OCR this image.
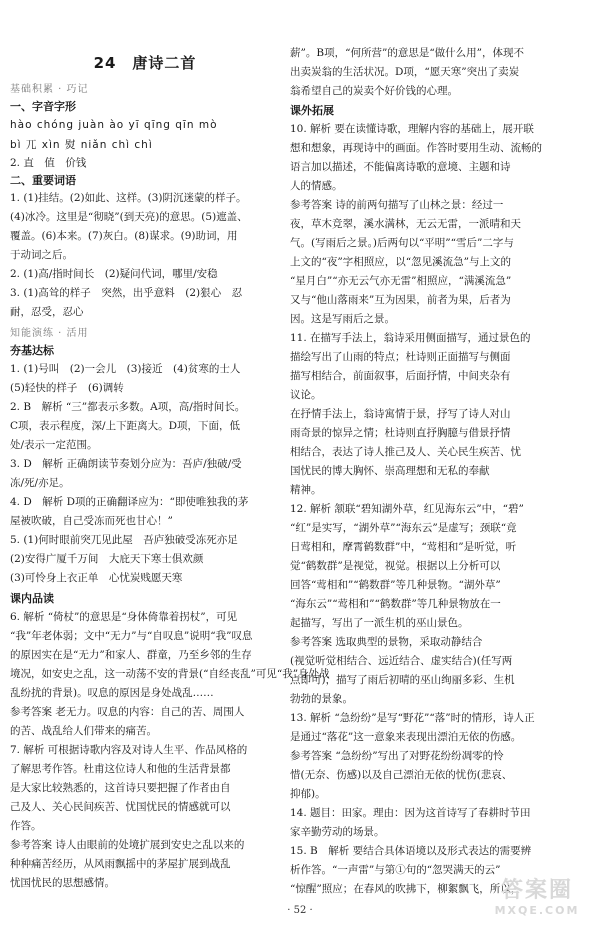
24　唐诗二首
基础积累 · 巧记
一、字音字形
hào chóng juàn ào yī qīng qīn mò
bì 兀 xìn 熨 niǎn chì chì
2. 直　值　价钱
二、重要词语
1. (1)挂结。(2)如此、这样。(3)阴沉迷蒙的样子。
(4)冰冷。这里是“彻晓”(到天亮)的意思。(5)遮盖、
覆盖。(6)本来。(7)灰白。(8)谋求。(9)助词，用
于动词之后。
2. (1)高/指时间长　(2)疑问代词，哪里/安稳
3. (1)高耸的样子　突然，出乎意料　(2)狠心　忍
耐，忍受，忍心
知能演练 · 活用
夯基达标
1. (1)号叫　(2)一会儿　(3)接近　(4)贫寒的士人
(5)轻快的样子　(6)调转
2. B　解析 “三”都表示多数。A项，高/指时间长。
C项，表示程度，深/上下距离大。D项，下面，低
处/表示一定范围。
3. D　解析 正确朗读节奏划分应为：吾庐/独破/受
冻/死/亦足。
4. D　解析 D项的正确翻译应为：“即使唯独我的茅
屋被吹破，自己受冻而死也甘心！”
5. (1)何时眼前突兀见此屋　吾庐独破受冻死亦足
(2)安得广厦千万间　大庇天下寒士俱欢颜
(3)可怜身上衣正单　心忧炭贱愿天寒
课内品读
6. 解析 “倚杖”的意思是“身体倚靠着拐杖”，可见
“我”年老体弱；文中“无力”与“自叹息”说明“我”叹息
的原因实在是“无力”和家人、群童，乃至乡邻的生存
境况，如安史之乱，这一动荡不安的背景(“自经丧乱”可见“我”身处战
乱纷扰的背景)。叹息的原因是身处战乱……
参考答案 老无力。叹息的内容：自己的苦、周围人
的苦、战乱给人们带来的痛苦。
7. 解析 可根据诗歌内容及对诗人生平、作品风格的
了解思考作答。杜甫这位诗人和他的生活背景都
是大家比较熟悉的，这首诗只要把握了作者由自
己及人、关心民间疾苦、忧国忧民的情感就可以
作答。
参考答案 诗人由眼前的处境扩展到安史之乱以来的
种种痛苦经历，从风雨飘摇中的茅屋扩展到战乱
忧国忧民的思想感情。
薪”。B项，“何所营”的意思是“做什么用”，体现不
出卖炭翁的生活状况。D项，“愿天寒”突出了卖炭
翁希望自己的炭卖个好价钱的心理。
课外拓展
10. 解析 要在读懂诗歌，理解内容的基础上，展开联
想和想象，再现诗中的画面。作答时要用生动、流畅的
语言加以描述，不能偏离诗歌的意境、主题和诗
人的情感。
参考答案 诗的前两句描写了山林之景：经过一
夜，草木竞翠，溪水满林，无云无雷，一派晴和天
气。(写雨后之景。)后两句以“平明”“雪后”二字与
上文的“夜”字相照应，以“忽见溪流急”与上文的
“星月白”“亦无云气亦无雷”相照应，“满溪流急”
又与“他山落雨来”互为因果，前者为果，后者为
因。这是写雨后之景。
11. 在描写手法上，翁诗采用侧面描写，通过景色的
描绘写出了山雨的特点；杜诗则正面描写与侧面
描写相结合，前面叙事，后面抒情，中间夹杂有
议论。
在抒情手法上，翁诗寓情于景，抒写了诗人对山
雨奇景的惊异之情；杜诗则直抒胸臆与借景抒情
相结合，表达了诗人推己及人、关心民生疾苦、忧
国忧民的博大胸怀、崇高理想和无私的奉献
精神。
12. 解析 颔联“碧知湖外草，红见海东云”中，“碧”
“红”是实写，“湖外草”“海东云”是虚写；颈联“竟
日莺相和，摩霄鹤数群”中，“莺相和”是听觉，听
觉“鹤数群”是视觉，视觉。根据以上分析可以
回答“莺相和”“鹤数群”等几种景物。“湖外草”
“海东云”“莺相和”“鹤数群”等几种景物放在一
起描写，写出了一派生机的巫山景色。
参考答案 选取典型的景物，采取动静结合
(视觉听觉相结合、远近结合、虚实结合)(任写两
点即可)，描写了雨后初晴的巫山绚丽多彩、生机
勃勃的景象。
13. 解析 “急纷纷”是写“野花”“落”时的情形，诗人正
是通过“落花”这一意象来表现出漂泊无依的伤感。
参考答案 “急纷纷”写出了对野花纷纷凋零的怜
惜(无奈、伤感)以及自己漂泊无依的忧伤(悲哀、
抑郁)。
14. 题目：田家。理由：因为这首诗写了春耕时节田
家辛勤劳动的场景。
15. B　解析 要结合具体语境以及形式表达的需要辨
析作答。“一声雷”与第①句的“忽哭满天的云”
“惊醒”照应；在春风的吹拂下，柳絮飘飞，所以，
· 52 ·
答案圈
MXQE.COM
